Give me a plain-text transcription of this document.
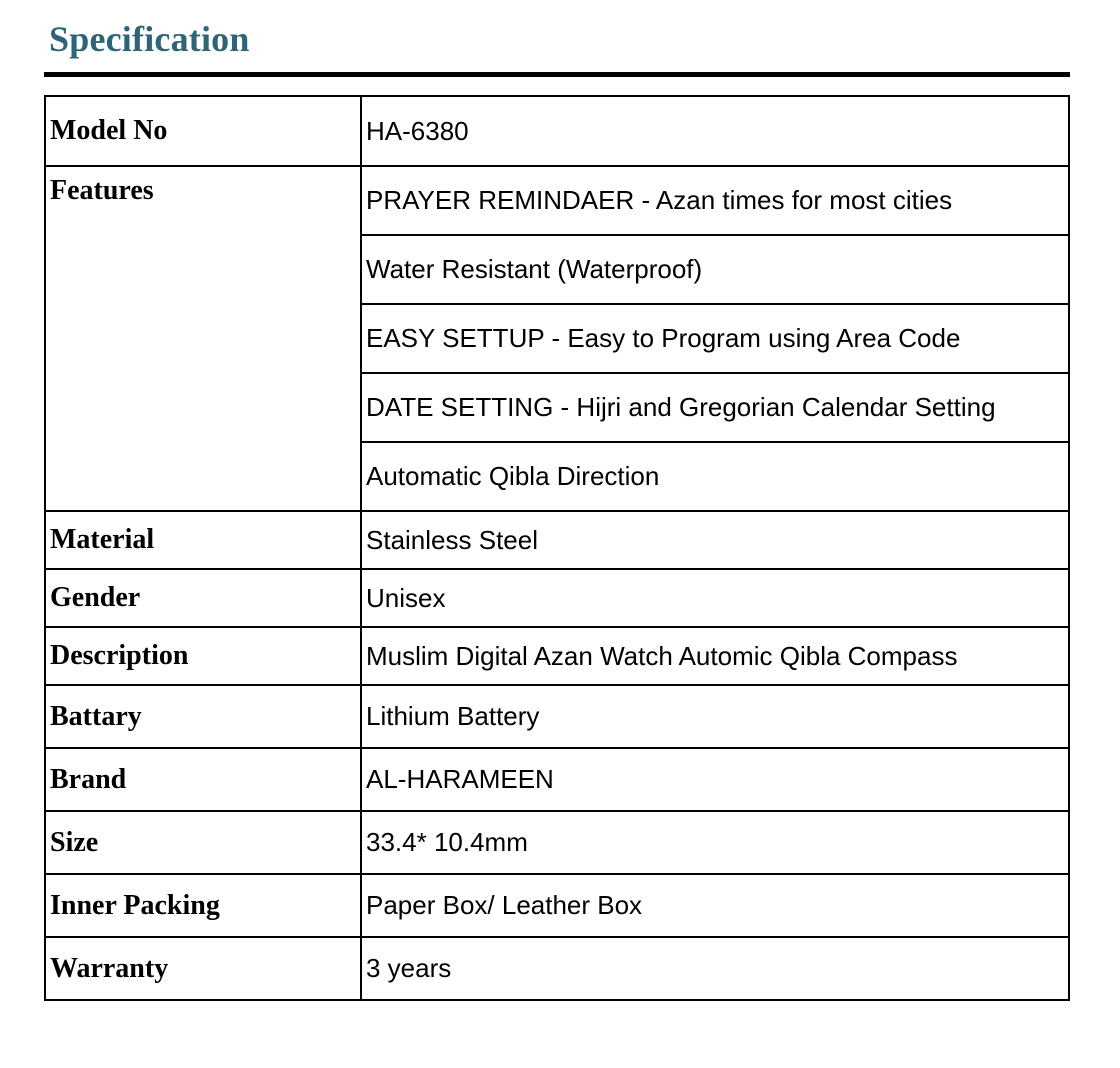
Specification
Model No	HA-6380
Features	PRAYER REMINDAER - Azan times for most cities
	Water Resistant (Waterproof)
	EASY SETTUP - Easy to Program using Area Code
	DATE SETTING - Hijri and Gregorian Calendar Setting
	Automatic Qibla Direction
Material	Stainless Steel
Gender	Unisex
Description	Muslim Digital Azan Watch Automic Qibla Compass
Battary	Lithium Battery
Brand	AL-HARAMEEN
Size	33.4* 10.4mm
Inner Packing	Paper Box/ Leather Box
Warranty	3 years
